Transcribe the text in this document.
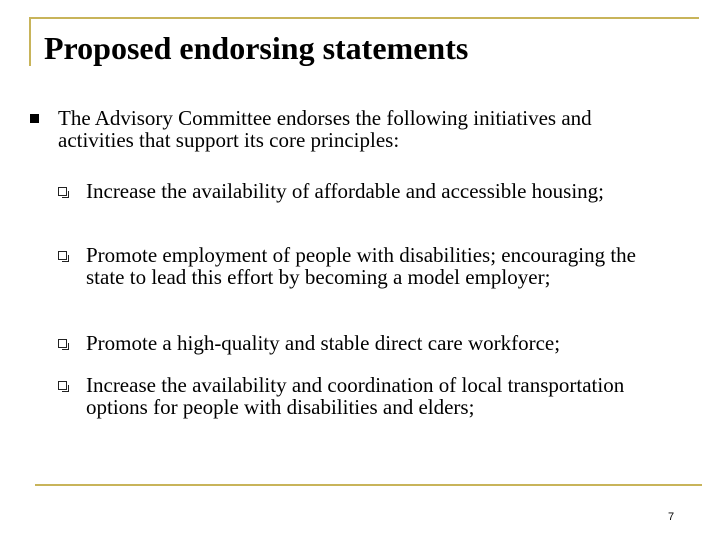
Proposed endorsing statements
The Advisory Committee endorses the following initiatives and activities that support its core principles:
Increase the availability of affordable and accessible housing;
Promote employment of people with disabilities; encouraging the state to lead this effort by becoming a model employer;
Promote a high-quality and stable direct care workforce;
Increase the availability and coordination of local transportation options for people with disabilities and elders;
7
